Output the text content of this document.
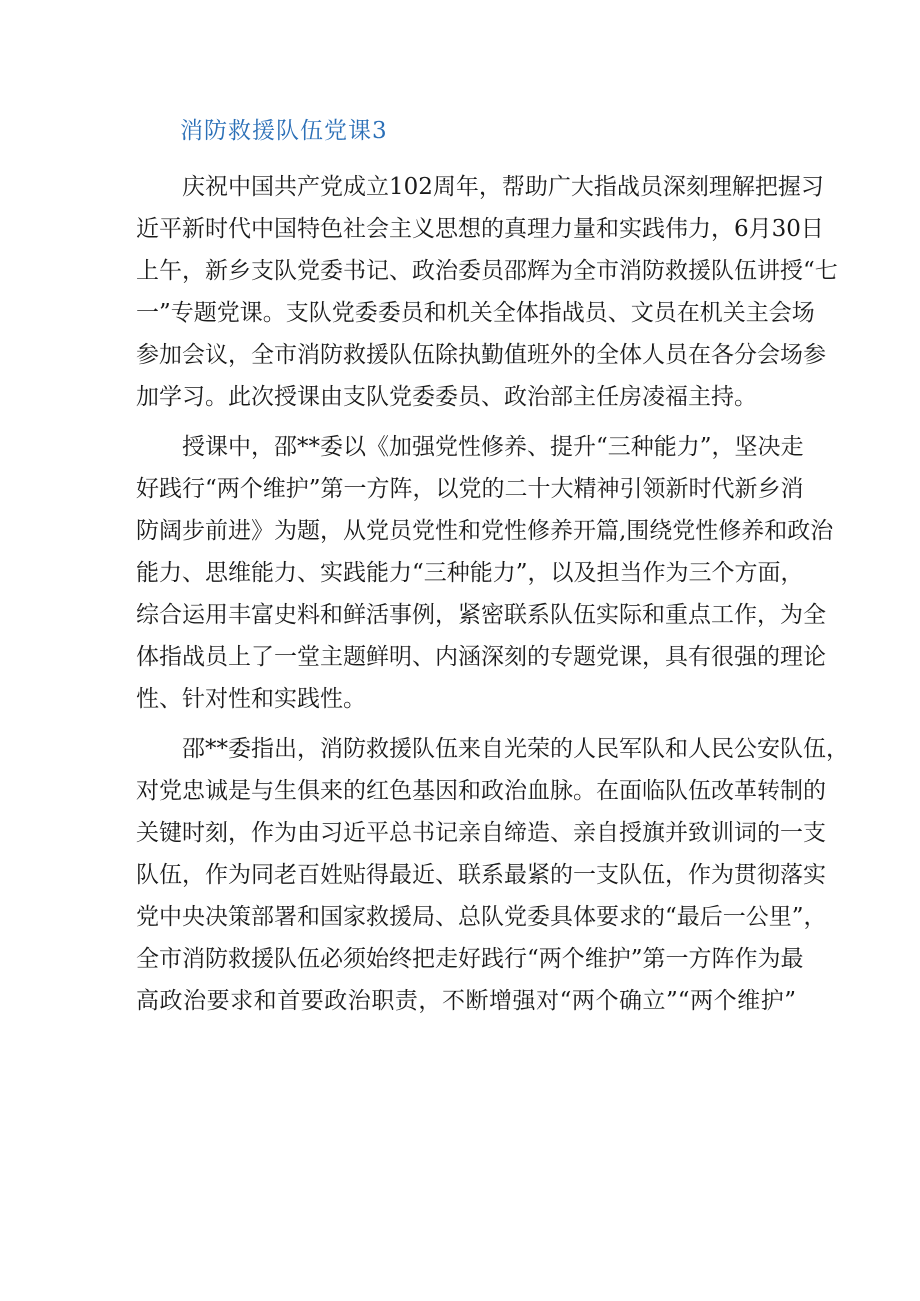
消防救援队伍党课3
庆祝中国共产党成立102周年，帮助广大指战员深刻理解把握习
近平新时代中国特色社会主义思想的真理力量和实践伟力，6月30日
上午，新乡支队党委书记、政治委员邵辉为全市消防救援队伍讲授“七
一”专题党课。支队党委委员和机关全体指战员、文员在机关主会场
参加会议，全市消防救援队伍除执勤值班外的全体人员在各分会场参
加学习。此次授课由支队党委委员、政治部主任房凌福主持。
授课中，邵**委以《加强党性修养、提升“三种能力”，坚决走
好践行“两个维护”第一方阵，以党的二十大精神引领新时代新乡消
防阔步前进》为题，从党员党性和党性修养开篇,围绕党性修养和政治
能力、思维能力、实践能力“三种能力”，以及担当作为三个方面，
综合运用丰富史料和鲜活事例，紧密联系队伍实际和重点工作，为全
体指战员上了一堂主题鲜明、内涵深刻的专题党课，具有很强的理论
性、针对性和实践性。
邵**委指出，消防救援队伍来自光荣的人民军队和人民公安队伍，
对党忠诚是与生俱来的红色基因和政治血脉。在面临队伍改革转制的
关键时刻，作为由习近平总书记亲自缔造、亲自授旗并致训词的一支
队伍，作为同老百姓贴得最近、联系最紧的一支队伍，作为贯彻落实
党中央决策部署和国家救援局、总队党委具体要求的“最后一公里”，
全市消防救援队伍必须始终把走好践行“两个维护”第一方阵作为最
高政治要求和首要政治职责，不断增强对“两个确立”“两个维护”
